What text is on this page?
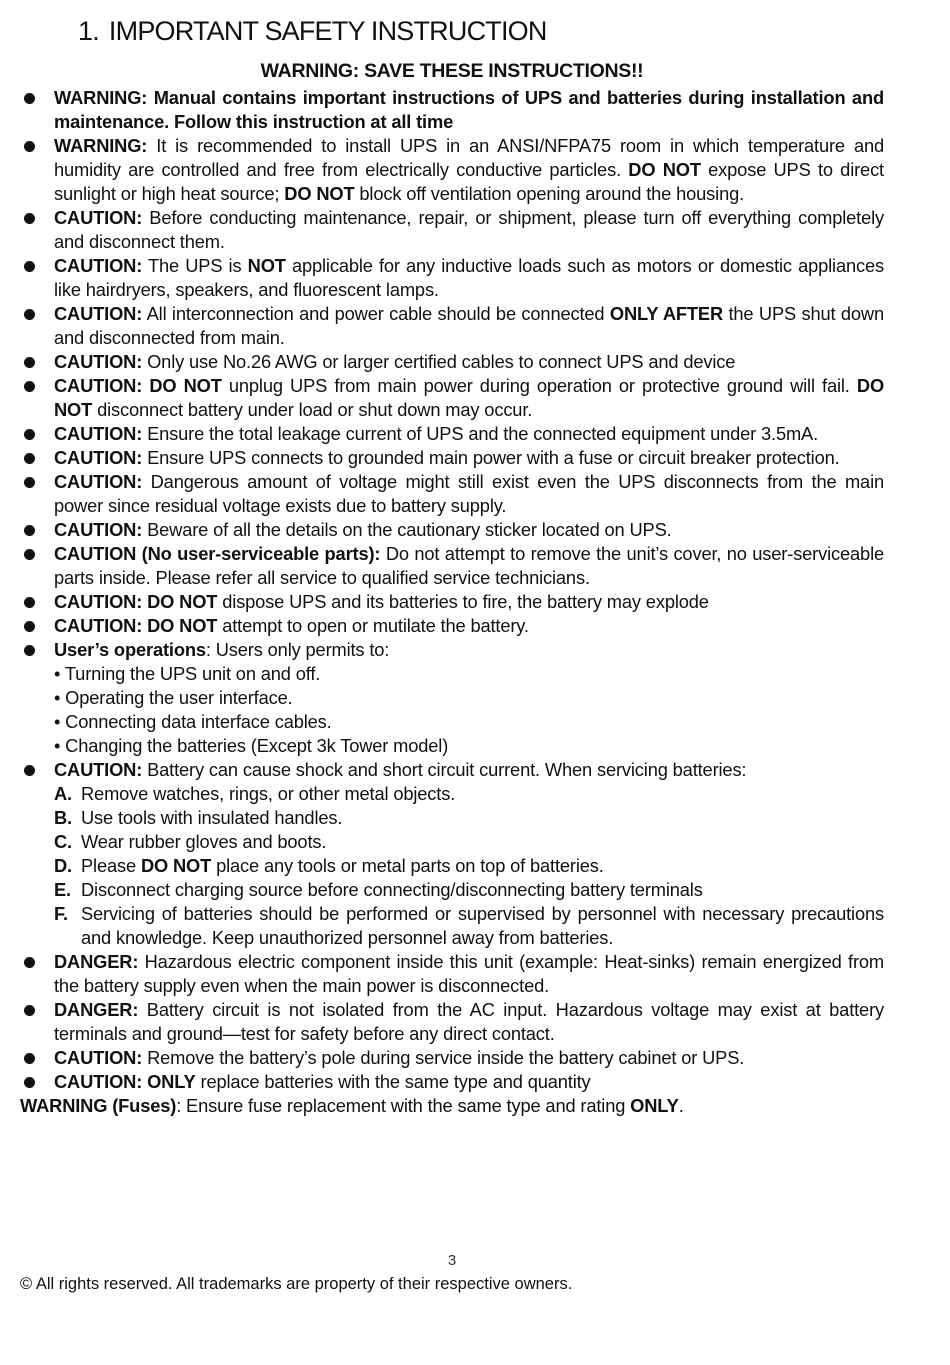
1. IMPORTANT SAFETY INSTRUCTION
WARNING: SAVE THESE INSTRUCTIONS!!
WARNING: Manual contains important instructions of UPS and batteries during installation and maintenance. Follow this instruction at all time
WARNING: It is recommended to install UPS in an ANSI/NFPA75 room in which temperature and humidity are controlled and free from electrically conductive particles. DO NOT expose UPS to direct sunlight or high heat source; DO NOT block off ventilation opening around the housing.
CAUTION: Before conducting maintenance, repair, or shipment, please turn off everything completely and disconnect them.
CAUTION: The UPS is NOT applicable for any inductive loads such as motors or domestic appliances like hairdryers, speakers, and fluorescent lamps.
CAUTION: All interconnection and power cable should be connected ONLY AFTER the UPS shut down and disconnected from main.
CAUTION: Only use No.26 AWG or larger certified cables to connect UPS and device
CAUTION: DO NOT unplug UPS from main power during operation or protective ground will fail. DO NOT disconnect battery under load or shut down may occur.
CAUTION: Ensure the total leakage current of UPS and the connected equipment under 3.5mA.
CAUTION: Ensure UPS connects to grounded main power with a fuse or circuit breaker protection.
CAUTION: Dangerous amount of voltage might still exist even the UPS disconnects from the main power since residual voltage exists due to battery supply.
CAUTION: Beware of all the details on the cautionary sticker located on UPS.
CAUTION (No user-serviceable parts): Do not attempt to remove the unit’s cover, no user-serviceable parts inside. Please refer all service to qualified service technicians.
CAUTION: DO NOT dispose UPS and its batteries to fire, the battery may explode
CAUTION: DO NOT attempt to open or mutilate the battery.
User’s operations: Users only permits to:
• Turning the UPS unit on and off.
• Operating the user interface.
• Connecting data interface cables.
• Changing the batteries (Except 3k Tower model)
CAUTION: Battery can cause shock and short circuit current. When servicing batteries:
A. Remove watches, rings, or other metal objects.
B. Use tools with insulated handles.
C. Wear rubber gloves and boots.
D. Please DO NOT place any tools or metal parts on top of batteries.
E. Disconnect charging source before connecting/disconnecting battery terminals
F. Servicing of batteries should be performed or supervised by personnel with necessary precautions and knowledge. Keep unauthorized personnel away from batteries.
DANGER: Hazardous electric component inside this unit (example: Heat-sinks) remain energized from the battery supply even when the main power is disconnected.
DANGER: Battery circuit is not isolated from the AC input. Hazardous voltage may exist at battery terminals and ground—test for safety before any direct contact.
CAUTION: Remove the battery’s pole during service inside the battery cabinet or UPS.
CAUTION: ONLY replace batteries with the same type and quantity
WARNING (Fuses): Ensure fuse replacement with the same type and rating ONLY.
3
© All rights reserved. All trademarks are property of their respective owners.
